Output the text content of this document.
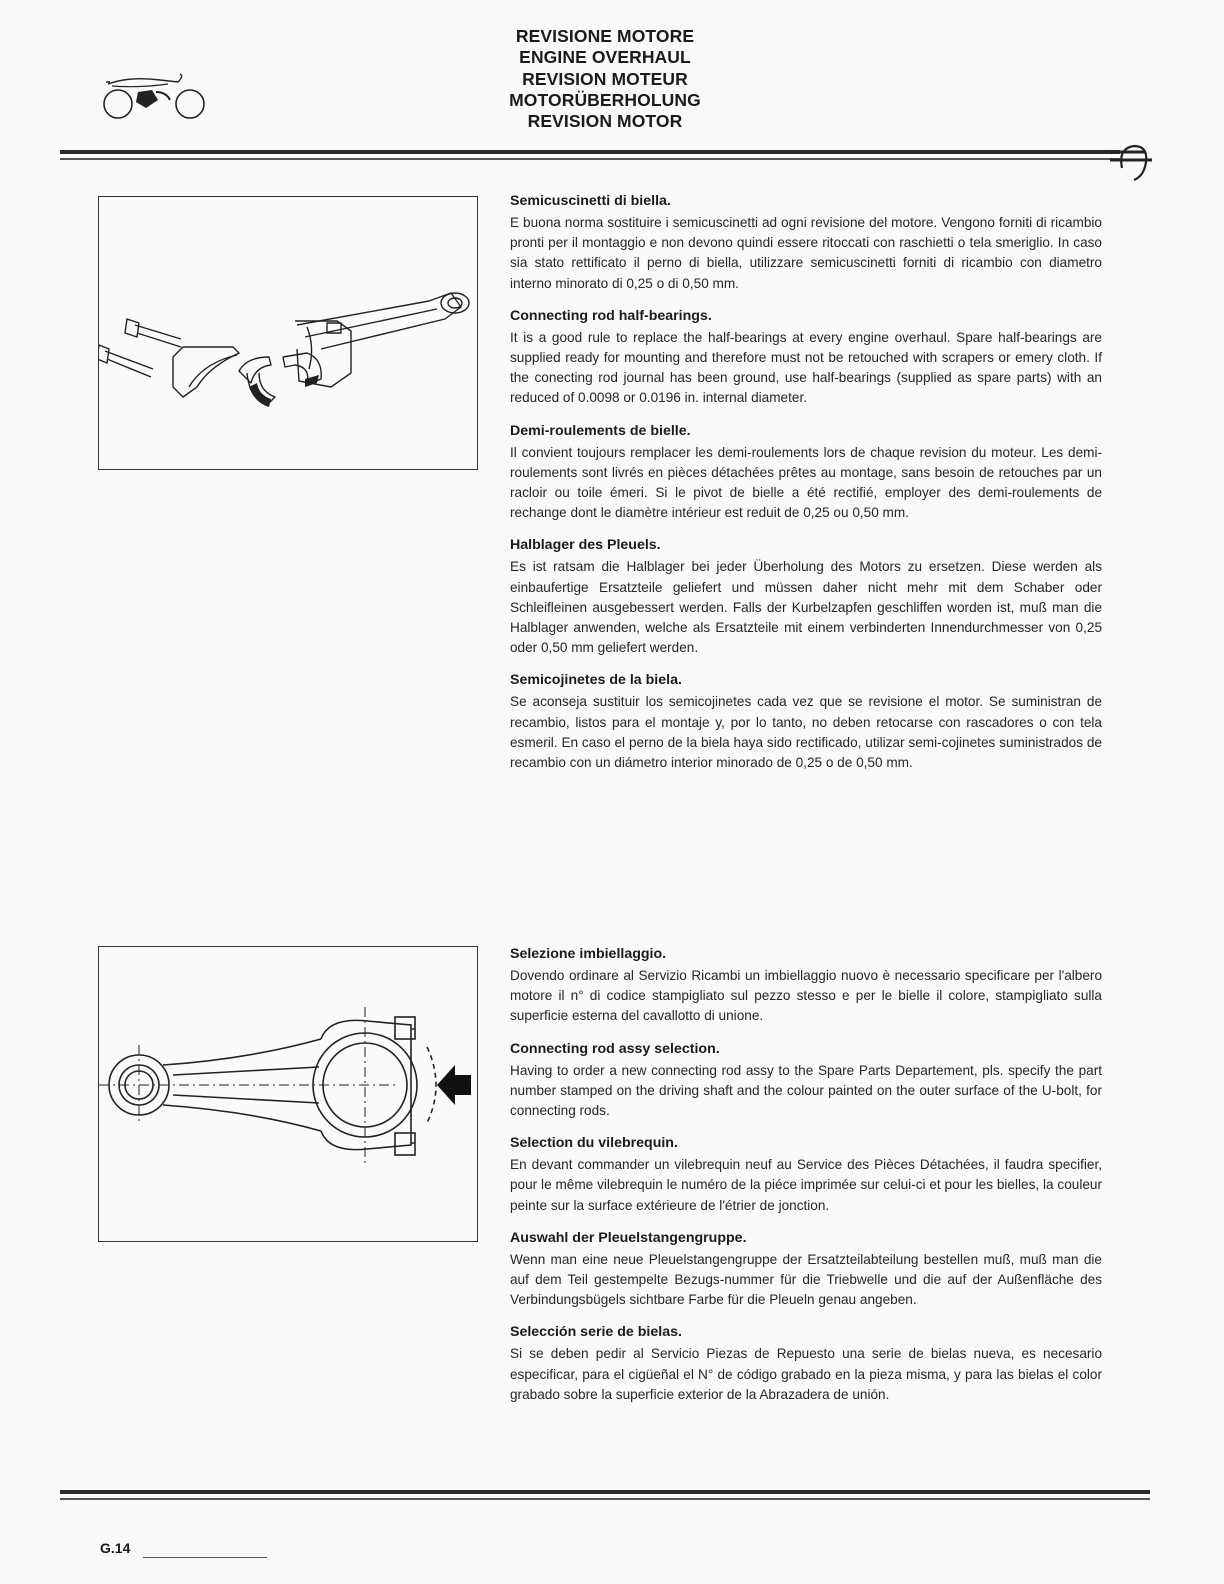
REVISIONE MOTORE
ENGINE OVERHAUL
REVISION MOTEUR
MOTORÜBERHOLUNG
REVISION MOTOR
Semicuscinetti di biella.

E buona norma sostituire i semicuscinetti ad ogni revisione del motore. Vengono forniti di ricambio pronti per il montaggio e non devono quindi essere ritoccati con raschietti o tela smeriglio. In caso sia stato rettificato il perno di biella, utilizzare semicuscinetti forniti di ricambio con diametro interno minorato di 0,25 o di 0,50 mm.

Connecting rod half-bearings.

It is a good rule to replace the half-bearings at every engine overhaul. Spare half-bearings are supplied ready for mounting and therefore must not be retouched with scrapers or emery cloth. If the conecting rod journal has been ground, use half-bearings (supplied as spare parts) with an reduced of 0.0098 or 0.0196 in. internal diameter.

Demi-roulements de bielle.

Il convient toujours remplacer les demi-roulements lors de chaque revision du moteur. Les demi-roulements sont livrés en pièces détachées prêtes au montage, sans besoin de retouches par un racloir ou toile émeri. Si le pivot de bielle a été rectifié, employer des demi-roulements de rechange dont le diamètre intérieur est reduit de 0,25 ou 0,50 mm.

Halblager des Pleuels.

Es ist ratsam die Halblager bei jeder Überholung des Motors zu ersetzen. Diese werden als einbaufertige Ersatzteile geliefert und müssen daher nicht mehr mit dem Schaber oder Schleifleinen ausgebessert werden. Falls der Kurbelzapfen geschliffen worden ist, muß man die Halblager anwenden, welche als Ersatzteile mit einem verbinderten Innendurchmesser von 0,25 oder 0,50 mm geliefert werden.

Semicojinetes de la biela.

Se aconseja sustituir los semicojinetes cada vez que se revisione el motor. Se suministran de recambio, listos para el montaje y, por lo tanto, no deben retocarse con rascadores o con tela esmeril. En caso el perno de la biela haya sido rectificado, utilizar semi-cojinetes suministrados de recambio con un diámetro interior minorado de 0,25 o de 0,50 mm.

Selezione imbiellaggio.

Dovendo ordinare al Servizio Ricambi un imbiellaggio nuovo è necessario specificare per l'albero motore il n° di codice stampigliato sul pezzo stesso e per le bielle il colore, stampigliato sulla superficie esterna del cavallotto di unione.

Connecting rod assy selection.

Having to order a new connecting rod assy to the Spare Parts Departement, pls. specify the part number stamped on the driving shaft and the colour painted on the outer surface of the U-bolt, for connecting rods.

Selection du vilebrequin.

En devant commander un vilebrequin neuf au Service des Pièces Détachées, il faudra specifier, pour le même vilebrequin le numéro de la piéce imprimée sur celui-ci et pour les bielles, la couleur peinte sur la surface extérieure de l'étrier de jonction.

Auswahl der Pleuelstangengruppe.

Wenn man eine neue Pleuelstangengruppe der Ersatzteilabteilung bestellen muß, muß man die auf dem Teil gestempelte Bezugs-nummer für die Triebwelle und die auf der Außenfläche des Verbindungsbügels sichtbare Farbe für die Pleueln genau angeben.

Selección serie de bielas.

Si se deben pedir al Servicio Piezas de Repuesto una serie de bielas nueva, es necesario especificar, para el cigüeñal el N° de código grabado en la pieza misma, y para las bielas el color grabado sobre la superficie exterior de la Abrazadera de unión.

G.14
